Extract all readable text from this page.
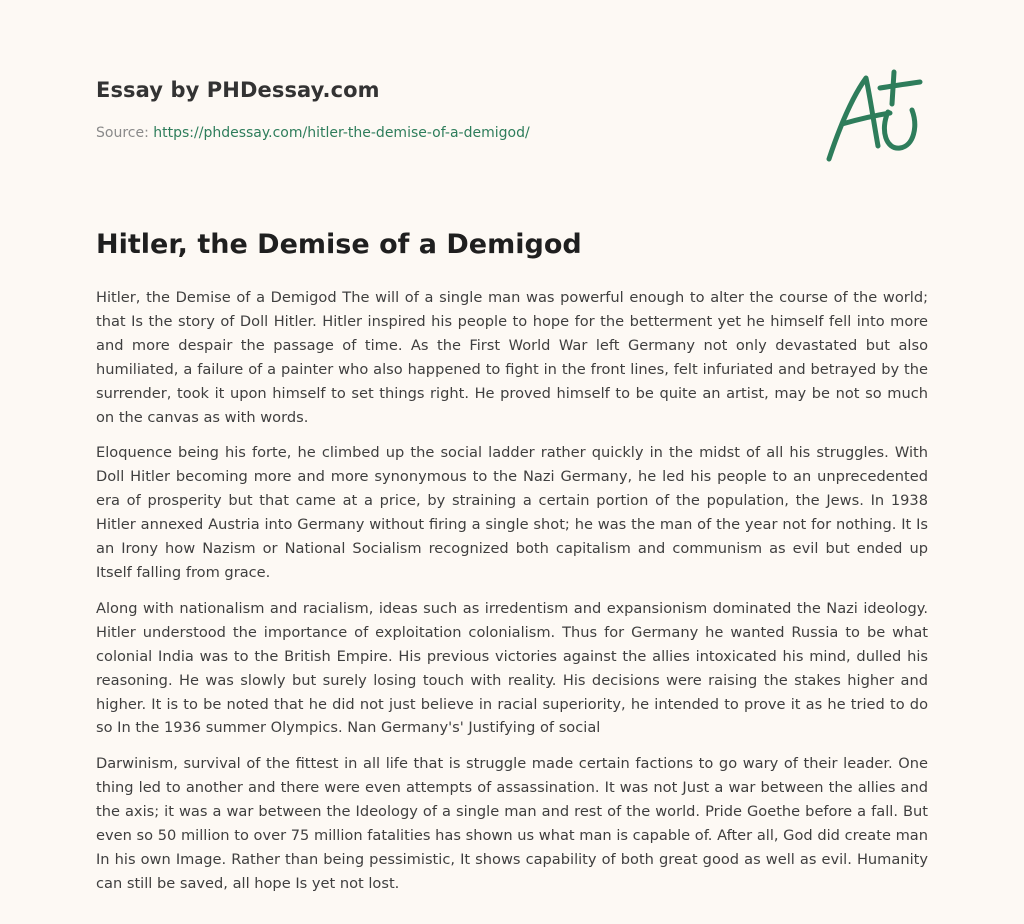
Essay by PHDessay.com
Source: https://phdessay.com/hitler-the-demise-of-a-demigod/
Hitler, the Demise of a Demigod

Hitler, the Demise of a Demigod The will of a single man was powerful enough to alter the course of the world; that Is the story of Doll Hitler. Hitler inspired his people to hope for the betterment yet he himself fell into more and more despair the passage of time. As the First World War left Germany not only devastated but also humiliated, a failure of a painter who also happened to fight in the front lines, felt infuriated and betrayed by the surrender, took it upon himself to set things right. He proved himself to be quite an artist, may be not so much on the canvas as with words.

Eloquence being his forte, he climbed up the social ladder rather quickly in the midst of all his struggles. With Doll Hitler becoming more and more synonymous to the Nazi Germany, he led his people to an unprecedented era of prosperity but that came at a price, by straining a certain portion of the population, the Jews. In 1938 Hitler annexed Austria into Germany without firing a single shot; he was the man of the year not for nothing. It Is an Irony how Nazism or National Socialism recognized both capitalism and communism as evil but ended up Itself falling from grace.

Along with nationalism and racialism, ideas such as irredentism and expansionism dominated the Nazi ideology. Hitler understood the importance of exploitation colonialism. Thus for Germany he wanted Russia to be what colonial India was to the British Empire. His previous victories against the allies intoxicated his mind, dulled his reasoning. He was slowly but surely losing touch with reality. His decisions were raising the stakes higher and higher. It is to be noted that he did not just believe in racial superiority, he intended to prove it as he tried to do so In the 1936 summer Olympics. Nan Germany's' Justifying of social

Darwinism, survival of the fittest in all life that is struggle made certain factions to go wary of their leader. One thing led to another and there were even attempts of assassination. It was not Just a war between the allies and the axis; it was a war between the Ideology of a single man and rest of the world. Pride Goethe before a fall. But even so 50 million to over 75 million fatalities has shown us what man is capable of. After all, God did create man In his own Image. Rather than being pessimistic, It shows capability of both great good as well as evil. Humanity can still be saved, all hope Is yet not lost.
